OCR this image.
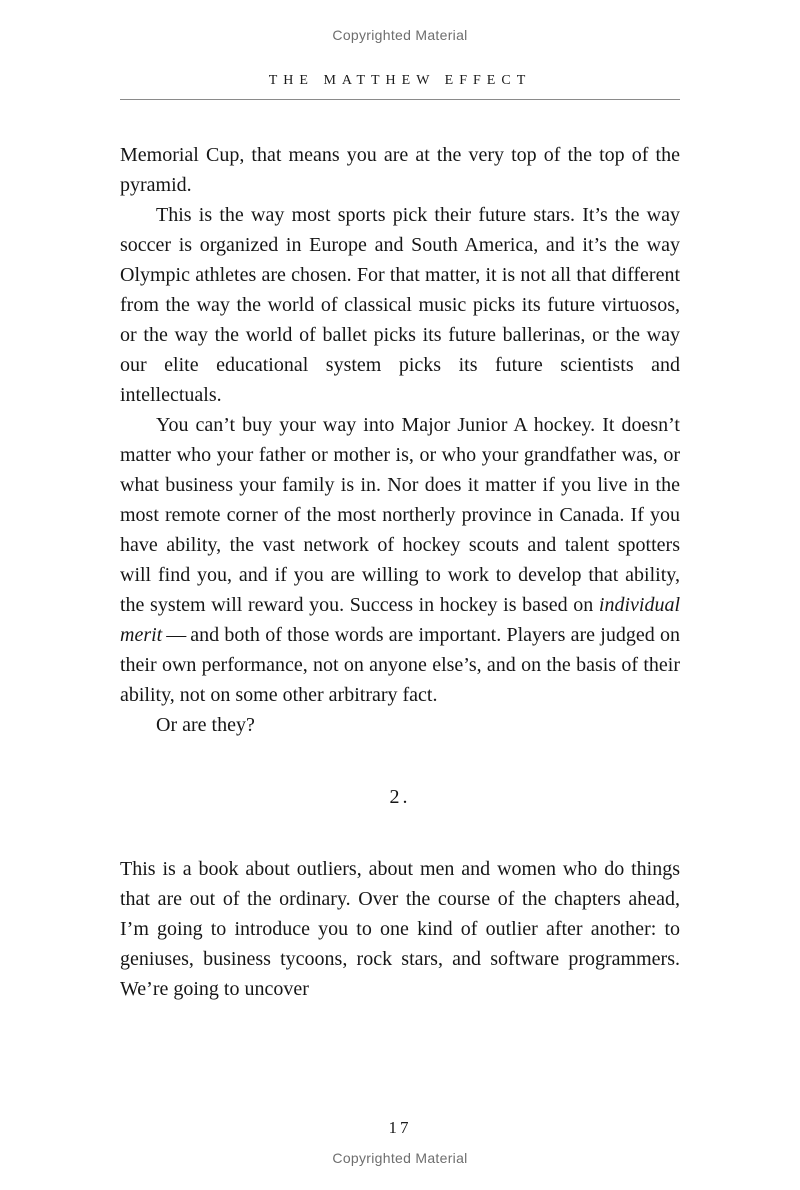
Copyrighted Material
THE MATTHEW EFFECT

Memorial Cup, that means you are at the very top of the top of the pyramid.

This is the way most sports pick their future stars. It’s the way soccer is organized in Europe and South America, and it’s the way Olympic athletes are chosen. For that matter, it is not all that different from the way the world of classical music picks its future virtuosos, or the way the world of ballet picks its future ballerinas, or the way our elite educational system picks its future scientists and intellectuals.

You can’t buy your way into Major Junior A hockey. It doesn’t matter who your father or mother is, or who your grandfather was, or what business your family is in. Nor does it matter if you live in the most remote corner of the most northerly province in Canada. If you have ability, the vast network of hockey scouts and talent spotters will find you, and if you are willing to work to develop that ability, the system will reward you. Success in hockey is based on individual merit — and both of those words are important. Players are judged on their own performance, not on anyone else’s, and on the basis of their ability, not on some other arbitrary fact.

Or are they?

2.

This is a book about outliers, about men and women who do things that are out of the ordinary. Over the course of the chapters ahead, I’m going to introduce you to one kind of outlier after another: to geniuses, business tycoons, rock stars, and software programmers. We’re going to uncover

17
Copyrighted Material
